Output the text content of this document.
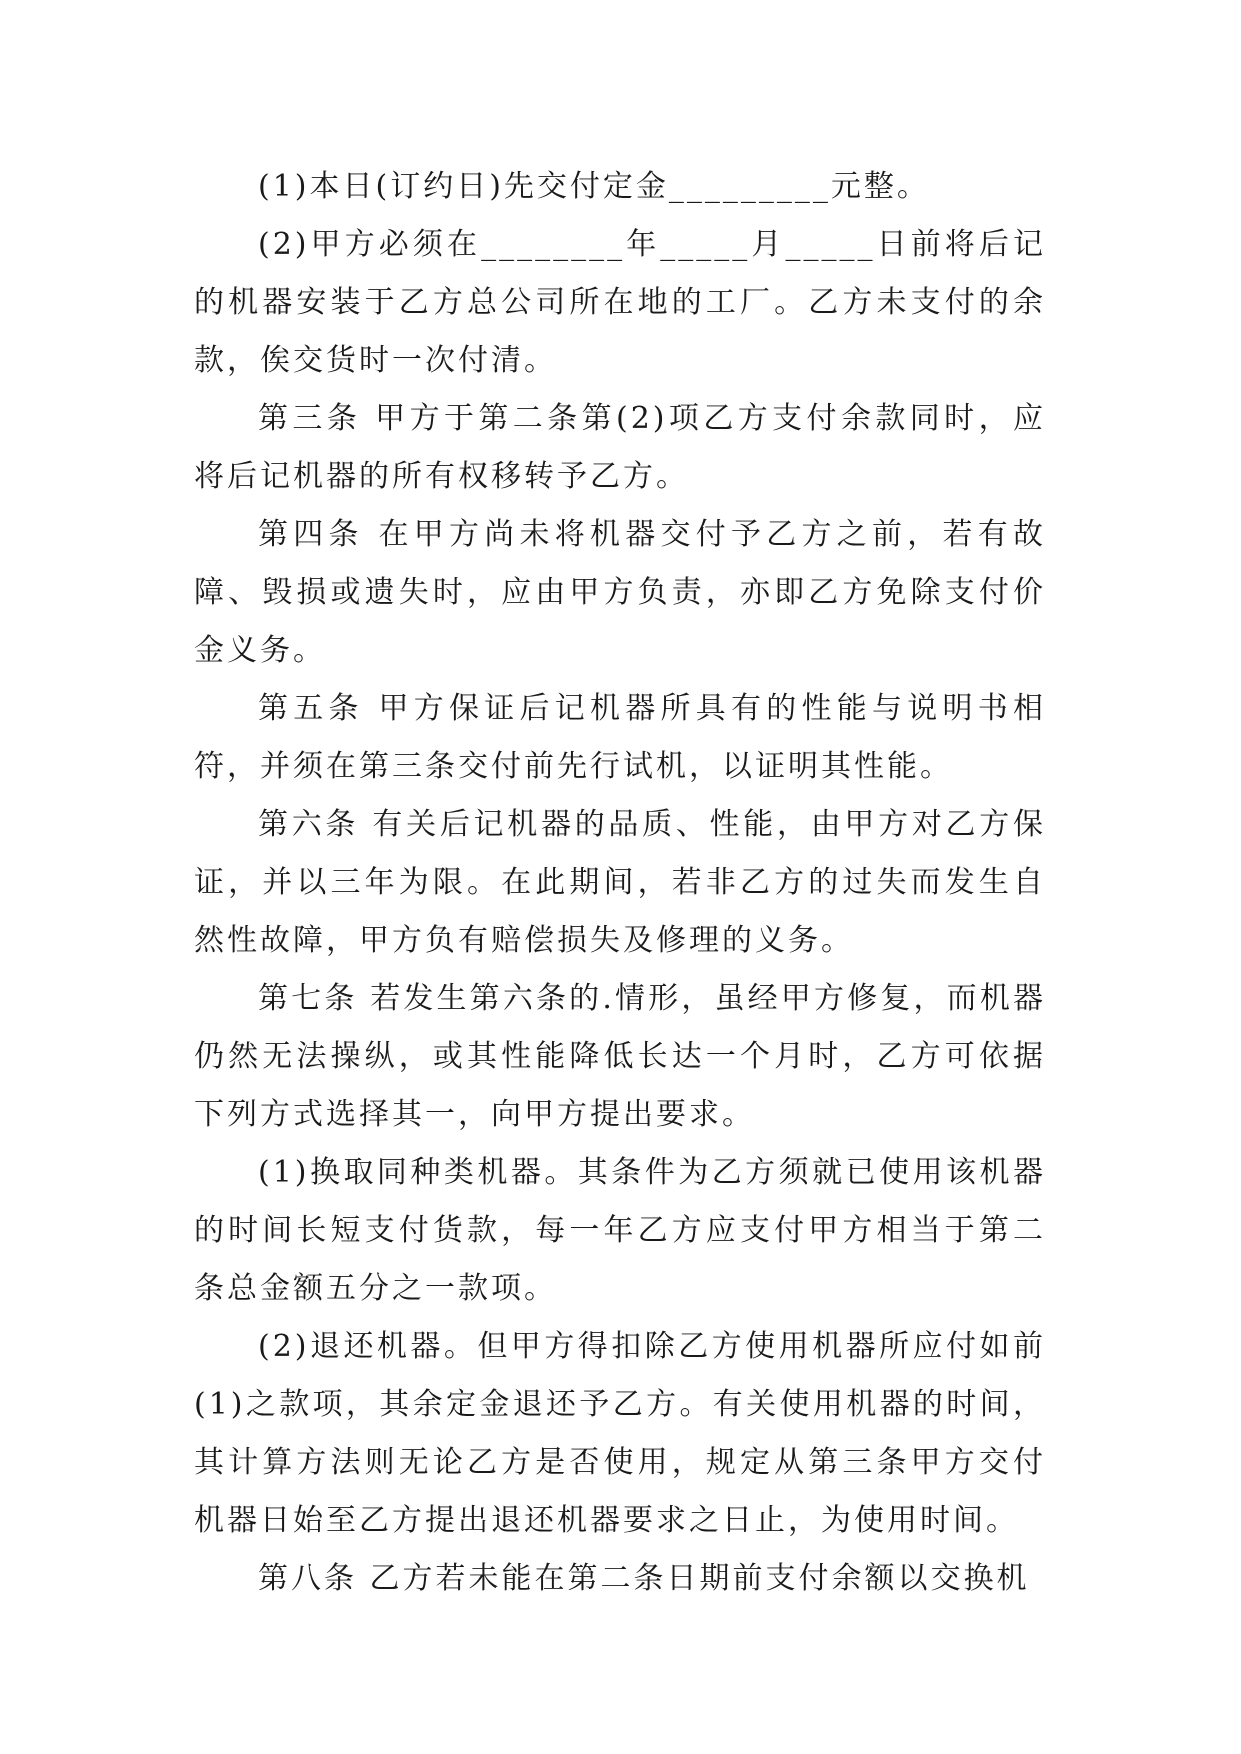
(1)本日(订约日)先交付定金_________元整。

(2)甲方必须在________年_____月_____日前将后记的机器安装于乙方总公司所在地的工厂。乙方未支付的余款，俟交货时一次付清。

第三条 甲方于第二条第(2)项乙方支付余款同时，应将后记机器的所有权移转予乙方。

第四条 在甲方尚未将机器交付予乙方之前，若有故障、毁损或遗失时，应由甲方负责，亦即乙方免除支付价金义务。

第五条 甲方保证后记机器所具有的性能与说明书相符，并须在第三条交付前先行试机，以证明其性能。

第六条 有关后记机器的品质、性能，由甲方对乙方保证，并以三年为限。在此期间，若非乙方的过失而发生自然性故障，甲方负有赔偿损失及修理的义务。

第七条 若发生第六条的.情形，虽经甲方修复，而机器仍然无法操纵，或其性能降低长达一个月时，乙方可依据下列方式选择其一，向甲方提出要求。

(1)换取同种类机器。其条件为乙方须就已使用该机器的时间长短支付货款，每一年乙方应支付甲方相当于第二条总金额五分之一款项。

(2)退还机器。但甲方得扣除乙方使用机器所应付如前(1)之款项，其余定金退还予乙方。有关使用机器的时间，其计算方法则无论乙方是否使用，规定从第三条甲方交付机器日始至乙方提出退还机器要求之日止，为使用时间。

第八条 乙方若未能在第二条日期前支付余额以交换机
